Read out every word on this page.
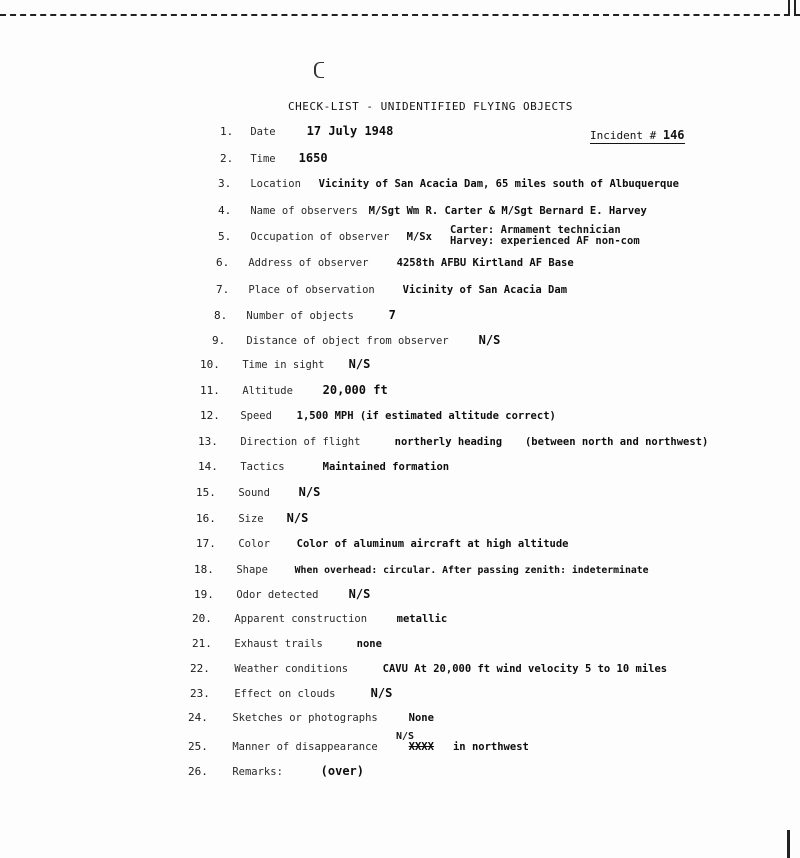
CHECK-LIST - UNIDENTIFIED FLYING OBJECTS
Incident # 146
1. Date	17 July 1948
2. Time 1650
3. Location Vicinity of San Acacia Dam, 65 miles south of Albuquerque
4. Name of observers M/Sgt Wm R. Carter & M/Sgt Bernard E. Harvey
5. Occupation of observer M/Sx
Carter: Armament technician
Harvey: experienced AF non-com
6. Address of observer	4258th AFBU Kirtland AF Base
7. Place of observation	Vicinity of San Acacia Dam
8. Number of objects	7
9. Distance of object from observer	N/S
10. Time in sight N/S
11. Altitude 20,000 ft
12. Speed 1,500 MPH (if estimated altitude correct)
13. Direction of flight	northerly heading (between north and northwest)
14. Tactics	Maintained formation
15. Sound N/S
16. Size N/S
17. Color	Color of aluminum aircraft at high altitude
18. Shape	When overhead: circular. After passing zenith: indeterminate
19. Odor detected	N/S
20. Apparent construction	metallic
21. Exhaust trails	none
22. Weather conditions	CAVU At 20,000 ft wind velocity 5 to 10 miles
23. Effect on clouds	N/S
24. Sketches or photographs	None
25. Manner of disappearance	XXXX in northwest
N/S
26. Remarks:	(over)
